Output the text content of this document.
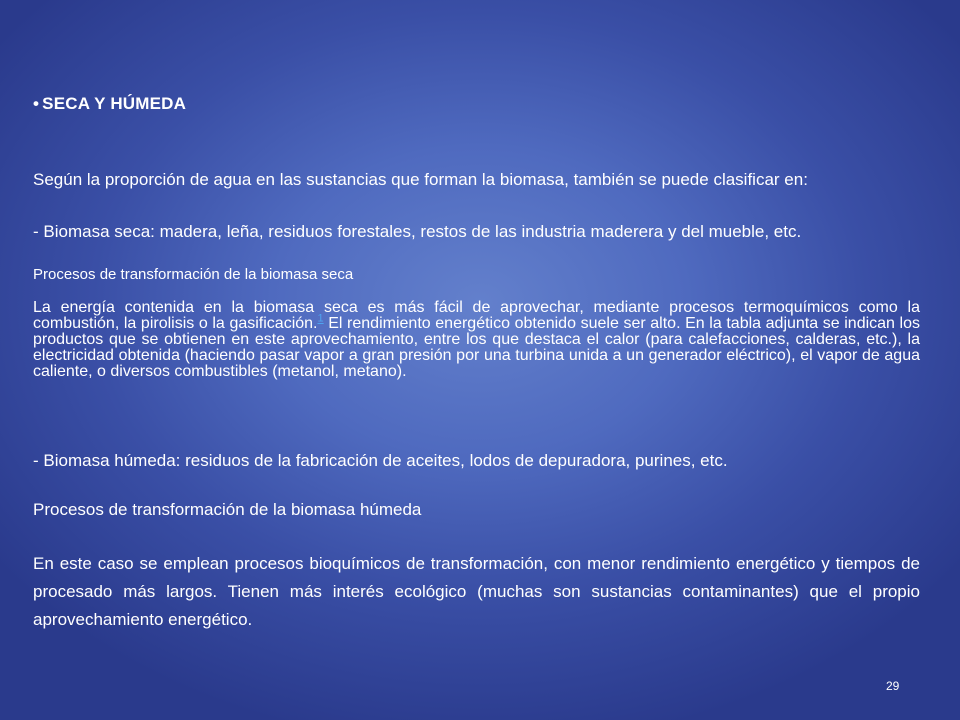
• SECA Y HÚMEDA

Según la proporción de agua en las sustancias que forman la biomasa, también se puede clasificar en:

- Biomasa seca: madera, leña, residuos forestales, restos de las industria maderera y del mueble, etc.

Procesos de transformación de la biomasa seca

La energía contenida en la biomasa seca es más fácil de aprovechar, mediante procesos termoquímicos como la combustión, la pirolisis o la gasificación.$^1$ El rendimiento energético obtenido suele ser alto. En la tabla adjunta se indican los productos que se obtienen en este aprovechamiento, entre los que destaca el calor (para calefacciones, calderas, etc.), la electricidad obtenida (haciendo pasar vapor a gran presión por una turbina unida a un generador eléctrico), el vapor de agua caliente, o diversos combustibles (metanol, metano).

- Biomasa húmeda: residuos de la fabricación de aceites, lodos de depuradora, purines, etc.

Procesos de transformación de la biomasa húmeda

En este caso se emplean procesos bioquímicos de transformación, con menor rendimiento energético y tiempos de procesado más largos. Tienen más interés ecológico (muchas son sustancias contaminantes) que el propio aprovechamiento energético.

29
